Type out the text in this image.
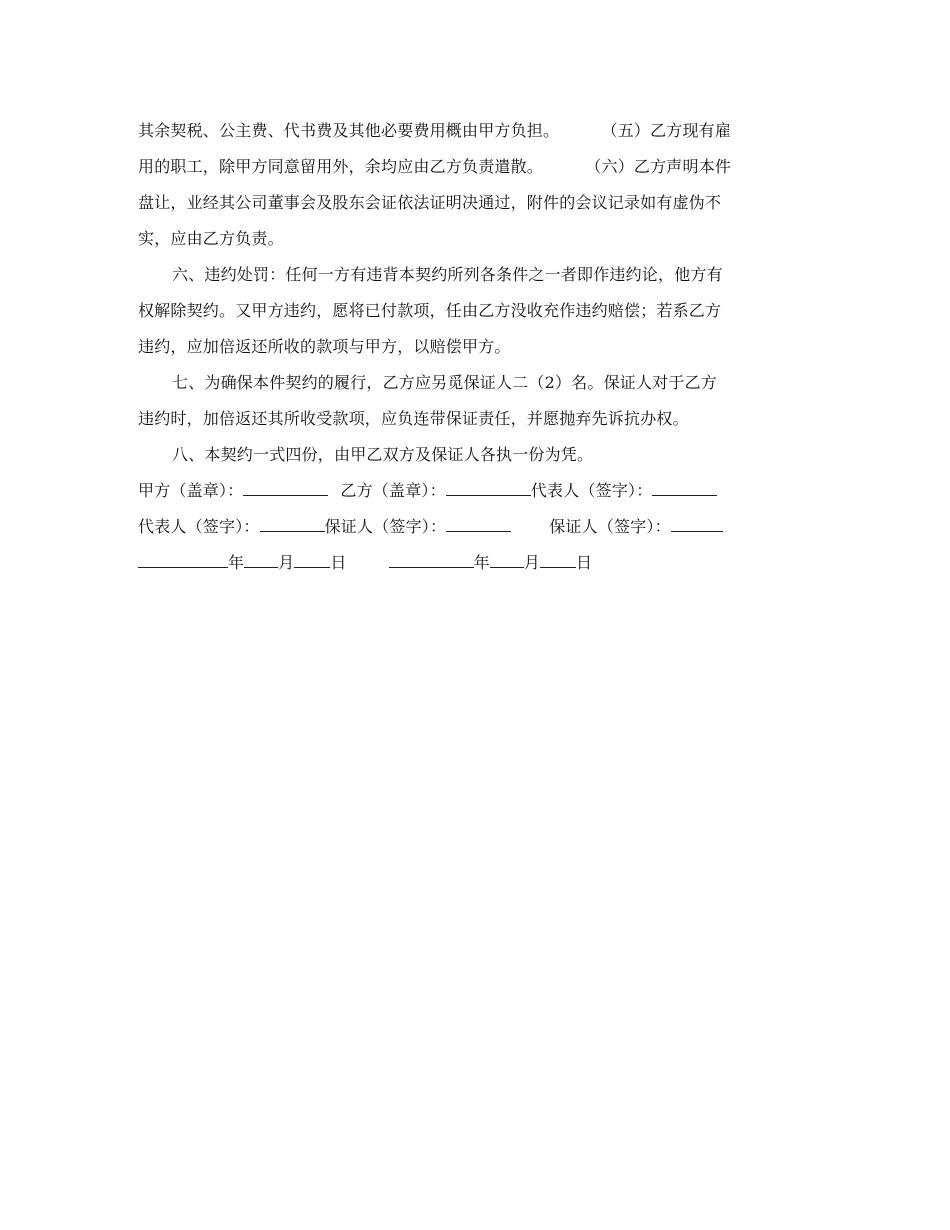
其余契税、公主费、代书费及其他必要费用概由甲方负担。        （五）乙方现有雇
用的职工，除甲方同意留用外，余均应由乙方负责遣散。        （六）乙方声明本件
盘让，业经其公司董事会及股东会证依法证明决通过，附件的会议记录如有虚伪不
实，应由乙方负责。
六、违约处罚：任何一方有违背本契约所列各条件之一者即作违约论，他方有
权解除契约。又甲方违约，愿将已付款项，任由乙方没收充作违约赔偿；若系乙方
违约，应加倍返还所收的款项与甲方，以赔偿甲方。
七、为确保本件契约的履行，乙方应另觅保证人二（2）名。保证人对于乙方
违约时，加倍返还其所收受款项，应负连带保证责任，并愿抛弃先诉抗办权。
八、本契约一式四份，由甲乙双方及保证人各执一份为凭。
甲方（盖章）：	乙方（盖章）：	代表人（签字）：
代表人（签字）：	保证人（签字）：	保证人（签字）：
年 月 日	年 月 日
